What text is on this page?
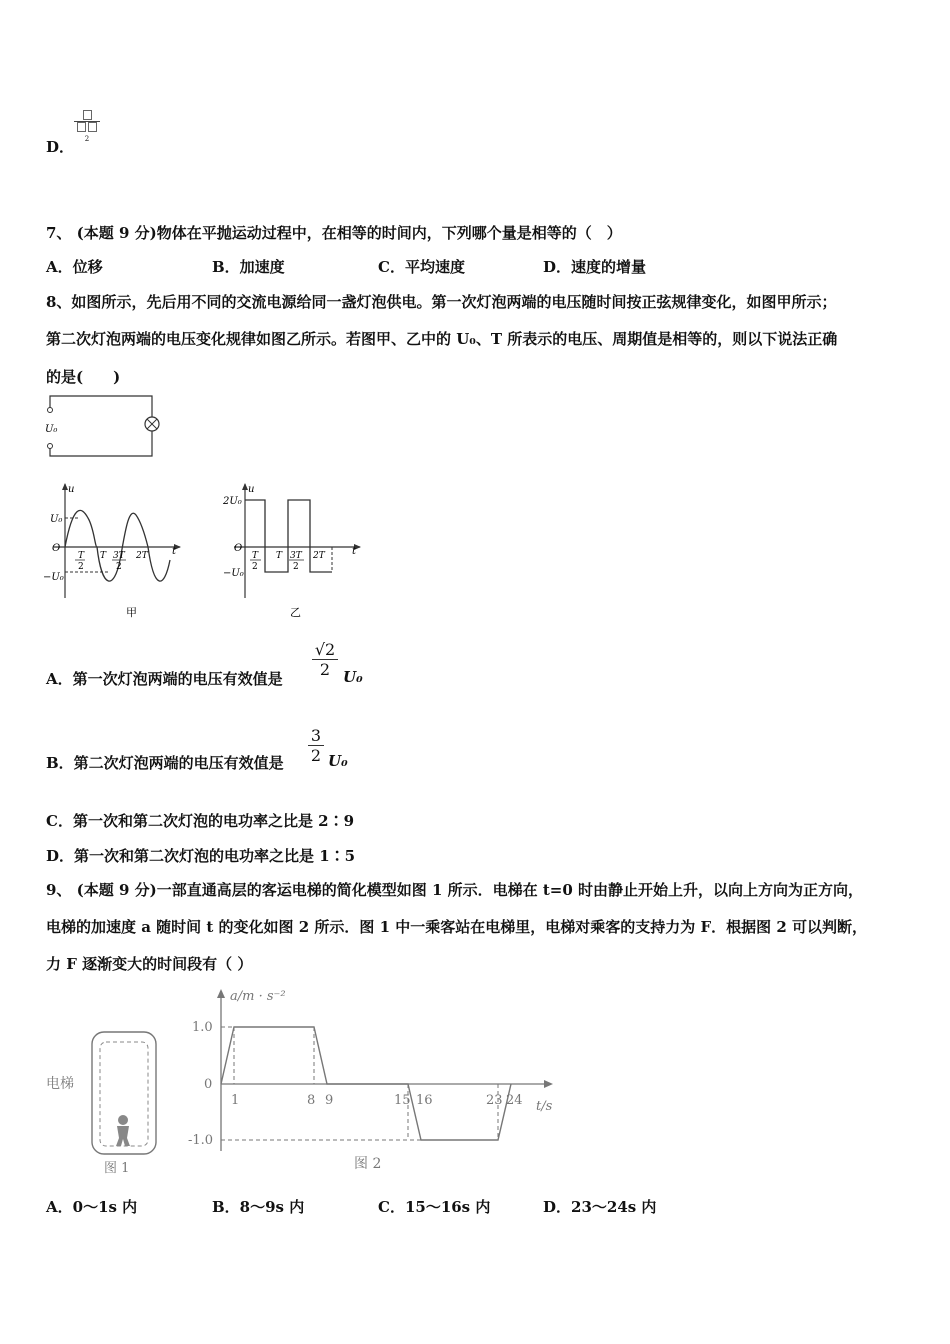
D．	$^2$
7、 (本题 9 分)物体在平抛运动过程中，在相等的时间内，下列哪个量是相等的（　）
A．位移	B．加速度	C．平均速度	D．速度的增量
8、如图所示，先后用不同的交流电源给同一盏灯泡供电。第一次灯泡两端的电压随时间按正弦规律变化，如图甲所示；
第二次灯泡两端的电压变化规律如图乙所示。若图甲、乙中的 U₀、T 所表示的电压、周期值是相等的，则以下说法正确
的是(　　)
U₀
u
t
O
U₀
−U₀
T
2
T 3T
2
2T
甲
u
t
O
2U₀
−U₀
T
2
T 3T
2
2T
乙
A．第一次灯泡两端的电压有效值是 $\frac{√2}{2} U_0$
B．第二次灯泡两端的电压有效值是 $\frac{3}{2} U_0$
C．第一次和第二次灯泡的电功率之比是 2∶9
D．第一次和第二次灯泡的电功率之比是 1∶5
9、 (本题 9 分)一部直通高层的客运电梯的简化模型如图 1 所示．电梯在 t=0 时由静止开始上升，以向上方向为正方向，
电梯的加速度 a 随时间 t 的变化如图 2 所示．图 1 中一乘客站在电梯里，电梯对乘客的支持力为 F．根据图 2 可以判断，
力 F 逐渐变大的时间段有（ ）
电梯
图 1
a/m · s⁻²
t/s
1.0
0
-1.0
1	8 9	15 16	23 24
图 2
A．0～1s 内	B．8～9s 内	C．15～16s 内	D．23～24s 内
